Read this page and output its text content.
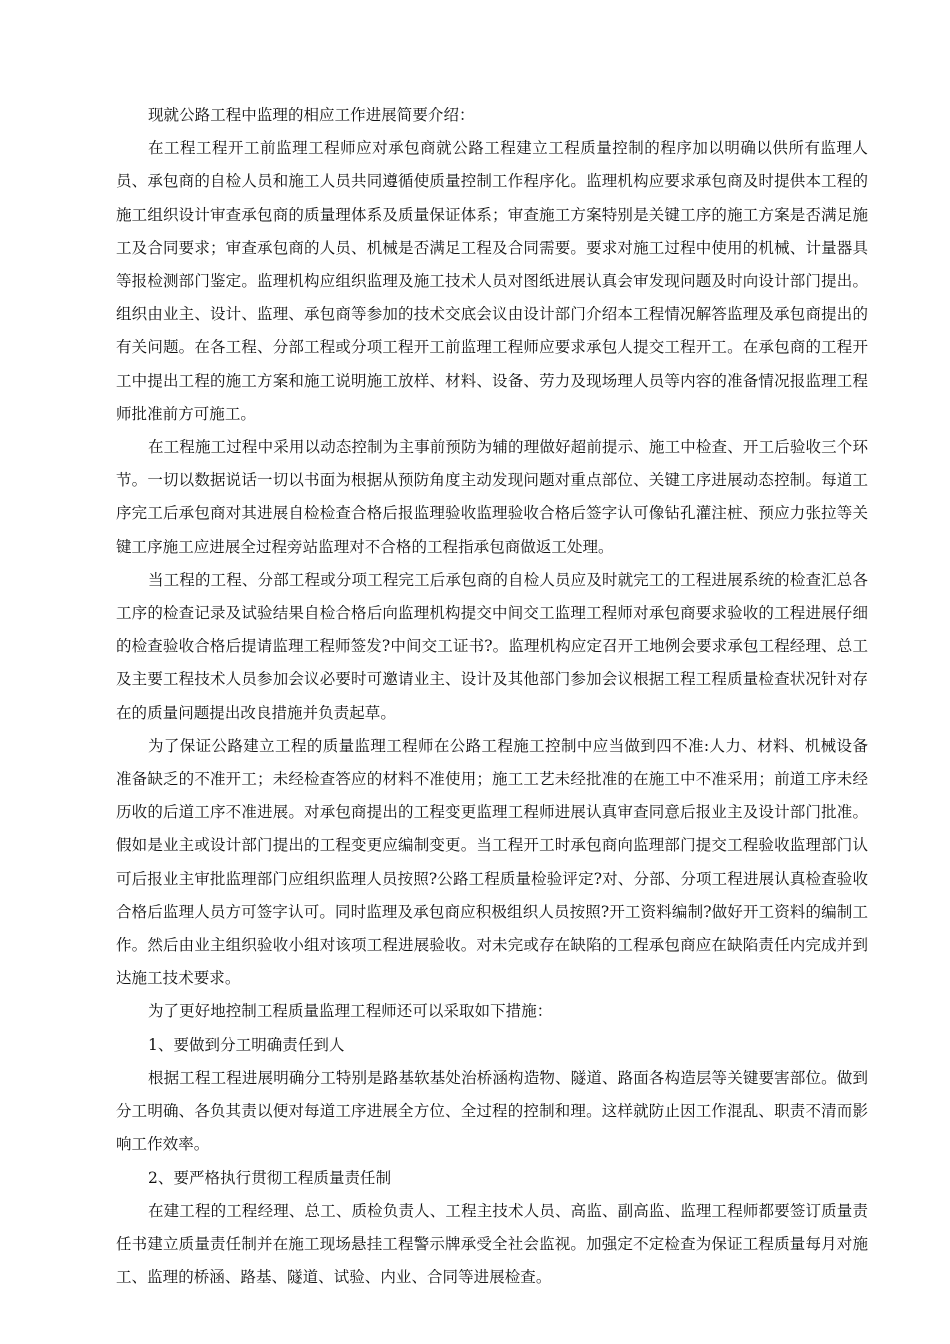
现就公路工程中监理的相应工作进展简要介绍：

在工程工程开工前监理工程师应对承包商就公路工程建立工程质量控制的程序加以明确以供所有监理人员、承包商的自检人员和施工人员共同遵循使质量控制工作程序化。监理机构应要求承包商及时提供本工程的施工组织设计审查承包商的质量理体系及质量保证体系；审查施工方案特别是关键工序的施工方案是否满足施工及合同要求；审查承包商的人员、机械是否满足工程及合同需要。要求对施工过程中使用的机械、计量器具等报检测部门鉴定。监理机构应组织监理及施工技术人员对图纸进展认真会审发现问题及时向设计部门提出。组织由业主、设计、监理、承包商等参加的技术交底会议由设计部门介绍本工程情况解答监理及承包商提出的有关问题。在各工程、分部工程或分项工程开工前监理工程师应要求承包人提交工程开工。在承包商的工程开工中提出工程的施工方案和施工说明施工放样、材料、设备、劳力及现场理人员等内容的准备情况报监理工程师批准前方可施工。

在工程施工过程中采用以动态控制为主事前预防为辅的理做好超前提示、施工中检查、开工后验收三个环节。一切以数据说话一切以书面为根据从预防角度主动发现问题对重点部位、关键工序进展动态控制。每道工序完工后承包商对其进展自检检查合格后报监理验收监理验收合格后签字认可像钻孔灌注桩、预应力张拉等关键工序施工应进展全过程旁站监理对不合格的工程指承包商做返工处理。

当工程的工程、分部工程或分项工程完工后承包商的自检人员应及时就完工的工程进展系统的检查汇总各工序的检查记录及试验结果自检合格后向监理机构提交中间交工监理工程师对承包商要求验收的工程进展仔细的检查验收合格后提请监理工程师签发?中间交工证书?。监理机构应定召开工地例会要求承包工程经理、总工及主要工程技术人员参加会议必要时可邀请业主、设计及其他部门参加会议根据工程工程质量检查状况针对存在的质量问题提出改良措施并负责起草。

为了保证公路建立工程的质量监理工程师在公路工程施工控制中应当做到四不准:人力、材料、机械设备准备缺乏的不准开工；未经检查答应的材料不准使用；施工工艺未经批准的在施工中不准采用；前道工序未经历收的后道工序不准进展。对承包商提出的工程变更监理工程师进展认真审查同意后报业主及设计部门批准。假如是业主或设计部门提出的工程变更应编制变更。当工程开工时承包商向监理部门提交工程验收监理部门认可后报业主审批监理部门应组织监理人员按照?公路工程质量检验评定?对、分部、分项工程进展认真检查验收合格后监理人员方可签字认可。同时监理及承包商应积极组织人员按照?开工资料编制?做好开工资料的编制工作。然后由业主组织验收小组对该项工程进展验收。对未完或存在缺陷的工程承包商应在缺陷责任内完成并到达施工技术要求。

为了更好地控制工程质量监理工程师还可以采取如下措施：

1、要做到分工明确责任到人

根据工程工程进展明确分工特别是路基软基处治桥涵构造物、隧道、路面各构造层等关键要害部位。做到分工明确、各负其责以便对每道工序进展全方位、全过程的控制和理。这样就防止因工作混乱、职责不清而影响工作效率。

2、要严格执行贯彻工程质量责任制

在建工程的工程经理、总工、质检负责人、工程主技术人员、高监、副高监、监理工程师都要签订质量责任书建立质量责任制并在施工现场悬挂工程警示牌承受全社会监视。加强定不定检查为保证工程质量每月对施工、监理的桥涵、路基、隧道、试验、内业、合同等进展检查。
